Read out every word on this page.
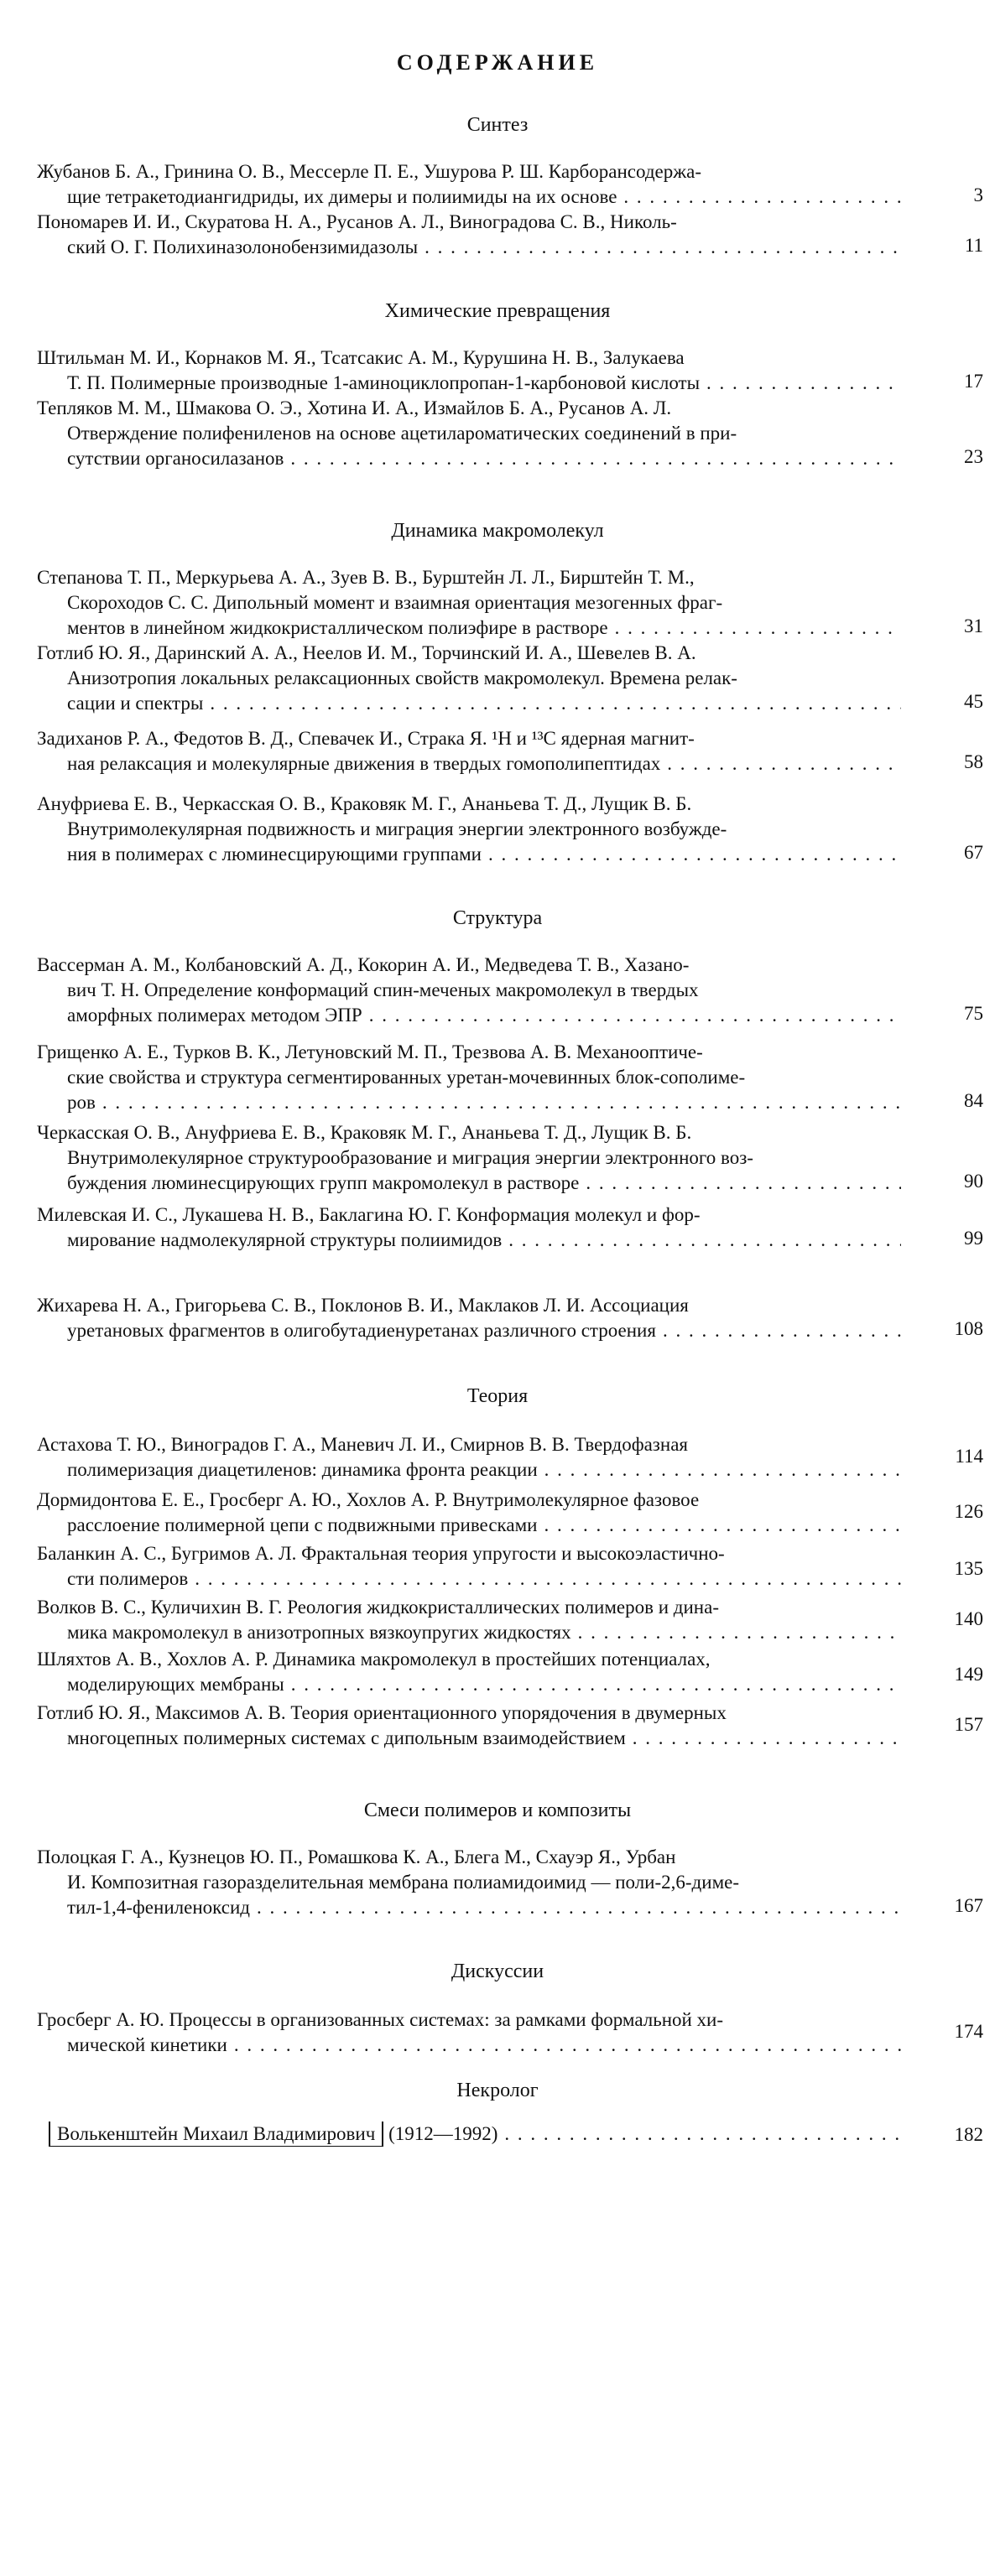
СОДЕРЖАНИЕ
Синтез
Жубанов Б. А., Гринина О. В., Мессерле П. Е., Ушурова Р. Ш. Карборансодержа-
щие тетракетодиангидриды, их димеры и полиимиды на их основе . . .	3
Пономарев И. И., Скуратова Н. А., Русанов А. Л., Виноградова С. В., Николь-
ский О. Г. Полихиназолонобензимидазолы . . .	11
Химические превращения
Штильман М. И., Корнаков М. Я., Тсатсакис А. М., Курушина Н. В., Залукаева
Т. П. Полимерные производные 1-аминоциклопропан-1-карбоновой кислоты . . .	17
Тепляков М. М., Шмакова О. Э., Хотина И. А., Измайлов Б. А., Русанов А. Л.
Отверждение полифениленов на основе ацетилароматических соединений в при-
сутствии органосилазанов . . .	23
Динамика макромолекул
Степанова Т. П., Меркурьева А. А., Зуев В. В., Бурштейн Л. Л., Бирштейн Т. М.,
Скороходов С. С. Дипольный момент и взаимная ориентация мезогенных фраг-
ментов в линейном жидкокристаллическом полиэфире в растворе . . .	31
Готлиб Ю. Я., Даринский А. А., Неелов И. М., Торчинский И. А., Шевелев В. А.
Анизотропия локальных релаксационных свойств макромолекул. Времена релак-
сации и спектры . . .	45
Задиханов Р. А., Федотов В. Д., Спевачек И., Страка Я. ¹H и ¹³C ядерная магнит-
ная релаксация и молекулярные движения в твердых гомополипептидах . . .	58
Ануфриева Е. В., Черкасская О. В., Краковяк М. Г., Ананьева Т. Д., Лущик В. Б.
Внутримолекулярная подвижность и миграция энергии электронного возбужде-
ния в полимерах с люминесцирующими группами . . .	67
Структура
Вассерман А. М., Колбановский А. Д., Кокорин А. И., Медведева Т. В., Хазано-
вич Т. Н. Определение конформаций спин-меченых макромолекул в твердых
аморфных полимерах методом ЭПР . . .	75
Грищенко А. Е., Турков В. К., Летуновский М. П., Трезвова А. В. Механооптиче-
ские свойства и структура сегментированных уретан-мочевинных блок-сополиме-
ров . . .	84
Черкасская О. В., Ануфриева Е. В., Краковяк М. Г., Ананьева Т. Д., Лущик В. Б.
Внутримолекулярное структурообразование и миграция энергии электронного воз-
буждения люминесцирующих групп макромолекул в растворе . . .	90
Милевская И. С., Лукашева Н. В., Баклагина Ю. Г. Конформация молекул и фор-
мирование надмолекулярной структуры полиимидов . . .	99
Жихарева Н. А., Григорьева С. В., Поклонов В. И., Маклаков Л. И. Ассоциация
уретановых фрагментов в олигобутадиенуретанах различного строения . . .	108
Теория
Астахова Т. Ю., Виноградов Г. А., Маневич Л. И., Смирнов В. В. Твердофазная
полимеризация диацетиленов: динамика фронта реакции . . .
114
Дормидонтова Е. Е., Гросберг А. Ю., Хохлов А. Р. Внутримолекулярное фазовое
расслоение полимерной цепи с подвижными привесками . . .
126
Баланкин А. С., Бугримов А. Л. Фрактальная теория упругости и высокоэластично-
сти полимеров . . .	135
Волков В. С., Куличихин В. Г. Реология жидкокристаллических полимеров и дина-
мика макромолекул в анизотропных вязкоупругих жидкостях . . .
140
Шляхтов А. В., Хохлов А. Р. Динамика макромолекул в простейших потенциалах,
моделирующих мембраны . . .	149
Готлиб Ю. Я., Максимов А. В. Теория ориентационного упорядочения в двумерных
многоцепных полимерных системах с дипольным взаимодействием . . .
157
Смеси полимеров и композиты
Полоцкая Г. А., Кузнецов Ю. П., Ромашкова К. А., Блега М., Схауэр Я., Урбан
И. Композитная газоразделительная мембрана полиамидоимид — поли-2,6-диме-
тил-1,4-фениленоксид . . .	167
Дискуссии
Гросберг А. Ю. Процессы в организованных системах: за рамками формальной хи-
мической кинетики . . .
174
Некролог
Волькенштейн Михаил Владимирович (1912—1992) . . .	182
